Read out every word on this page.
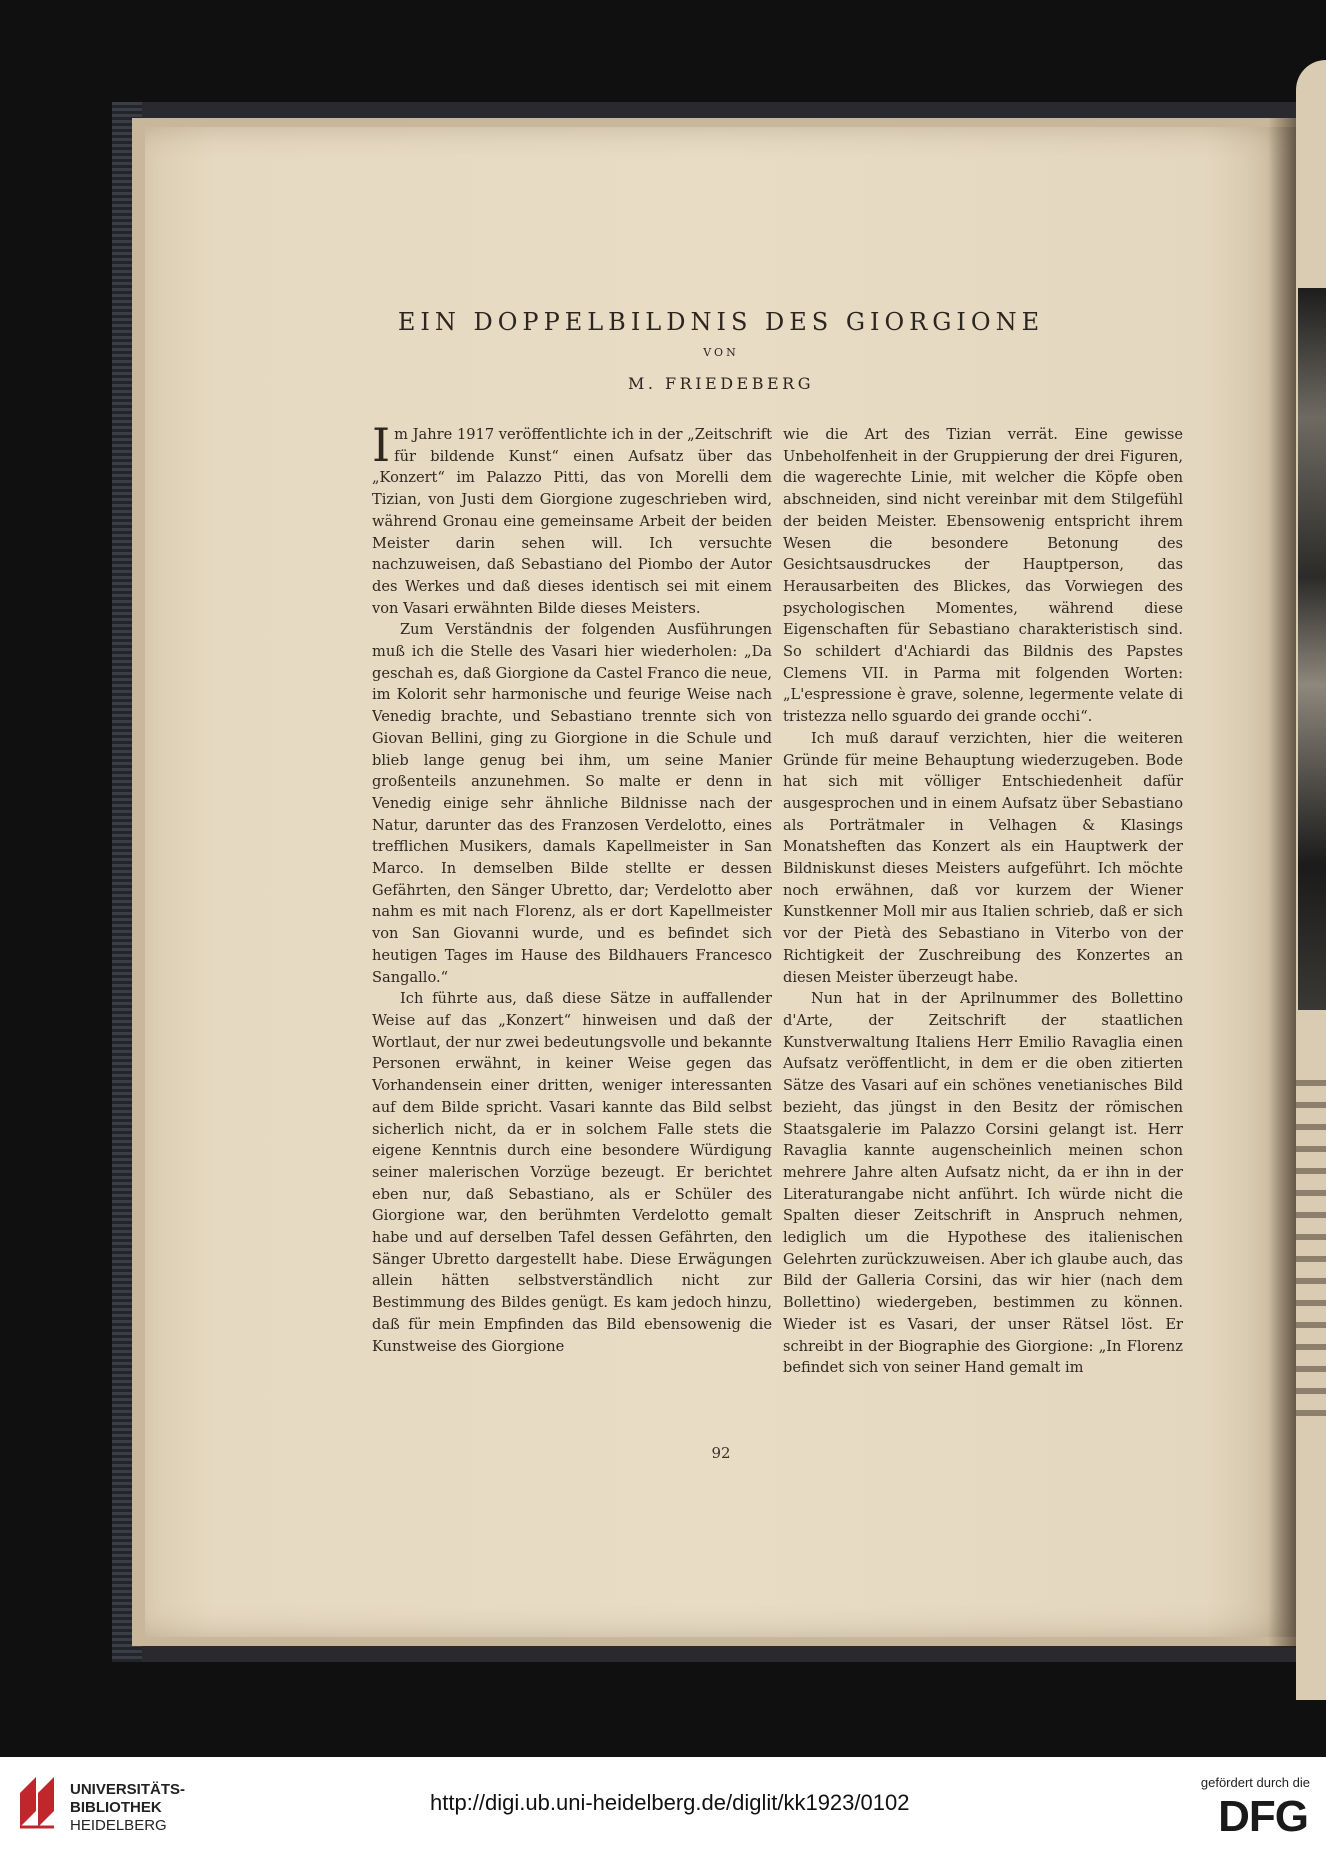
EIN DOPPELBILDNIS DES GIORGIONE
VON
M. FRIEDEBERG

Im Jahre 1917 veröffentlichte ich in der „Zeitschrift für bildende Kunst“ einen Aufsatz über das „Konzert“ im Palazzo Pitti, das von Morelli dem Tizian, von Justi dem Giorgione zugeschrieben wird, während Gronau eine gemeinsame Arbeit der beiden Meister darin sehen will. Ich versuchte nachzuweisen, daß Sebastiano del Piombo der Autor des Werkes und daß dieses identisch sei mit einem von Vasari erwähnten Bilde dieses Meisters.

Zum Verständnis der folgenden Ausführungen muß ich die Stelle des Vasari hier wiederholen: „Da geschah es, daß Giorgione da Castel Franco die neue, im Kolorit sehr harmonische und feurige Weise nach Venedig brachte, und Sebastiano trennte sich von Giovan Bellini, ging zu Giorgione in die Schule und blieb lange genug bei ihm, um seine Manier großenteils anzunehmen. So malte er denn in Venedig einige sehr ähnliche Bildnisse nach der Natur, darunter das des Franzosen Verdelotto, eines trefflichen Musikers, damals Kapellmeister in San Marco. In demselben Bilde stellte er dessen Gefährten, den Sänger Ubretto, dar; Verdelotto aber nahm es mit nach Florenz, als er dort Kapellmeister von San Giovanni wurde, und es befindet sich heutigen Tages im Hause des Bildhauers Francesco Sangallo.“

Ich führte aus, daß diese Sätze in auffallender Weise auf das „Konzert“ hinweisen und daß der Wortlaut, der nur zwei bedeutungsvolle und bekannte Personen erwähnt, in keiner Weise gegen das Vorhandensein einer dritten, weniger interessanten auf dem Bilde spricht. Vasari kannte das Bild selbst sicherlich nicht, da er in solchem Falle stets die eigene Kenntnis durch eine besondere Würdigung seiner malerischen Vorzüge bezeugt. Er berichtet eben nur, daß Sebastiano, als er Schüler des Giorgione war, den berühmten Verdelotto gemalt habe und auf derselben Tafel dessen Gefährten, den Sänger Ubretto dargestellt habe. Diese Erwägungen allein hätten selbstverständlich nicht zur Bestimmung des Bildes genügt. Es kam jedoch hinzu, daß für mein Empfinden das Bild ebensowenig die Kunstweise des Giorgione

wie die Art des Tizian verrät. Eine gewisse Unbeholfenheit in der Gruppierung der drei Figuren, die wagerechte Linie, mit welcher die Köpfe oben abschneiden, sind nicht vereinbar mit dem Stilgefühl der beiden Meister. Ebensowenig entspricht ihrem Wesen die besondere Betonung des Gesichtsausdruckes der Hauptperson, das Herausarbeiten des Blickes, das Vorwiegen des psychologischen Momentes, während diese Eigenschaften für Sebastiano charakteristisch sind. So schildert d'Achiardi das Bildnis des Papstes Clemens VII. in Parma mit folgenden Worten: „L'espressione è grave, solenne, legermente velate di tristezza nello sguardo dei grande occhi“.

Ich muß darauf verzichten, hier die weiteren Gründe für meine Behauptung wiederzugeben. Bode hat sich mit völliger Entschiedenheit dafür ausgesprochen und in einem Aufsatz über Sebastiano als Porträtmaler in Velhagen & Klasings Monatsheften das Konzert als ein Hauptwerk der Bildniskunst dieses Meisters aufgeführt. Ich möchte noch erwähnen, daß vor kurzem der Wiener Kunstkenner Moll mir aus Italien schrieb, daß er sich vor der Pietà des Sebastiano in Viterbo von der Richtigkeit der Zuschreibung des Konzertes an diesen Meister überzeugt habe.

Nun hat in der Aprilnummer des Bollettino d'Arte, der Zeitschrift der staatlichen Kunstverwaltung Italiens Herr Emilio Ravaglia einen Aufsatz veröffentlicht, in dem er die oben zitierten Sätze des Vasari auf ein schönes venetianisches Bild bezieht, das jüngst in den Besitz der römischen Staatsgalerie im Palazzo Corsini gelangt ist. Herr Ravaglia kannte augenscheinlich meinen schon mehrere Jahre alten Aufsatz nicht, da er ihn in der Literaturangabe nicht anführt. Ich würde nicht die Spalten dieser Zeitschrift in Anspruch nehmen, lediglich um die Hypothese des italienischen Gelehrten zurückzuweisen. Aber ich glaube auch, das Bild der Galleria Corsini, das wir hier (nach dem Bollettino) wiedergeben, bestimmen zu können. Wieder ist es Vasari, der unser Rätsel löst. Er schreibt in der Biographie des Giorgione: „In Florenz befindet sich von seiner Hand gemalt im

92
UNIVERSITÄTS-
BIBLIOTHEK
HEIDELBERG
http://digi.ub.uni-heidelberg.de/diglit/kk1923/0102
gefördert durch die
DFG
